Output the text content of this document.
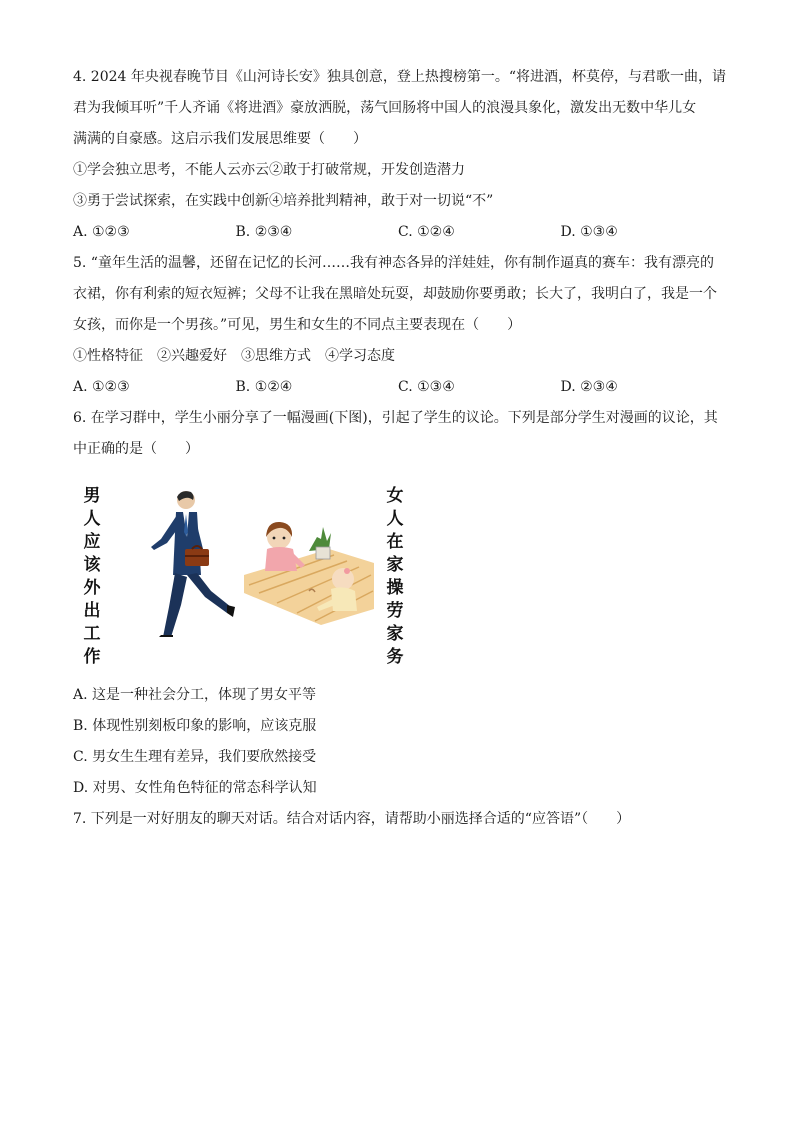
4. 2024 年央视春晚节目《山河诗长安》独具创意，登上热搜榜第一。“将进酒，杯莫停，与君歌一曲，请
君为我倾耳听”千人齐诵《将进酒》豪放洒脱，荡气回肠将中国人的浪漫具象化，激发出无数中华儿女
满满的自豪感。这启示我们发展思维要（　　）
①学会独立思考，不能人云亦云②敢于打破常规，开发创造潜力
③勇于尝试探索，在实践中创新④培养批判精神，敢于对一切说“不”
A. ①②③	B. ②③④	C. ①②④	D. ①③④
5. “童年生活的温馨，还留在记忆的长河……我有神态各异的洋娃娃，你有制作逼真的赛车：我有漂亮的
衣裙，你有利索的短衣短裤；父母不让我在黑暗处玩耍，却鼓励你要勇敢；长大了，我明白了，我是一个
女孩，而你是一个男孩。”可见，男生和女生的不同点主要表现在（　　）
①性格特征　②兴趣爱好　③思维方式　④学习态度
A. ①②③	B. ①②④	C. ①③④	D. ②③④
6. 在学习群中，学生小丽分享了一幅漫画(下图)，引起了学生的议论。下列是部分学生对漫画的议论，其
中正确的是（　　）
男人应该外出工作
女人在家操劳家务
A. 这是一种社会分工，体现了男女平等
B. 体现性别刻板印象的影响，应该克服
C. 男女生生理有差异，我们要欣然接受
D. 对男、女性角色特征的常态科学认知
7. 下列是一对好朋友的聊天对话。结合对话内容，请帮助小丽选择合适的“应答语”（　　）
